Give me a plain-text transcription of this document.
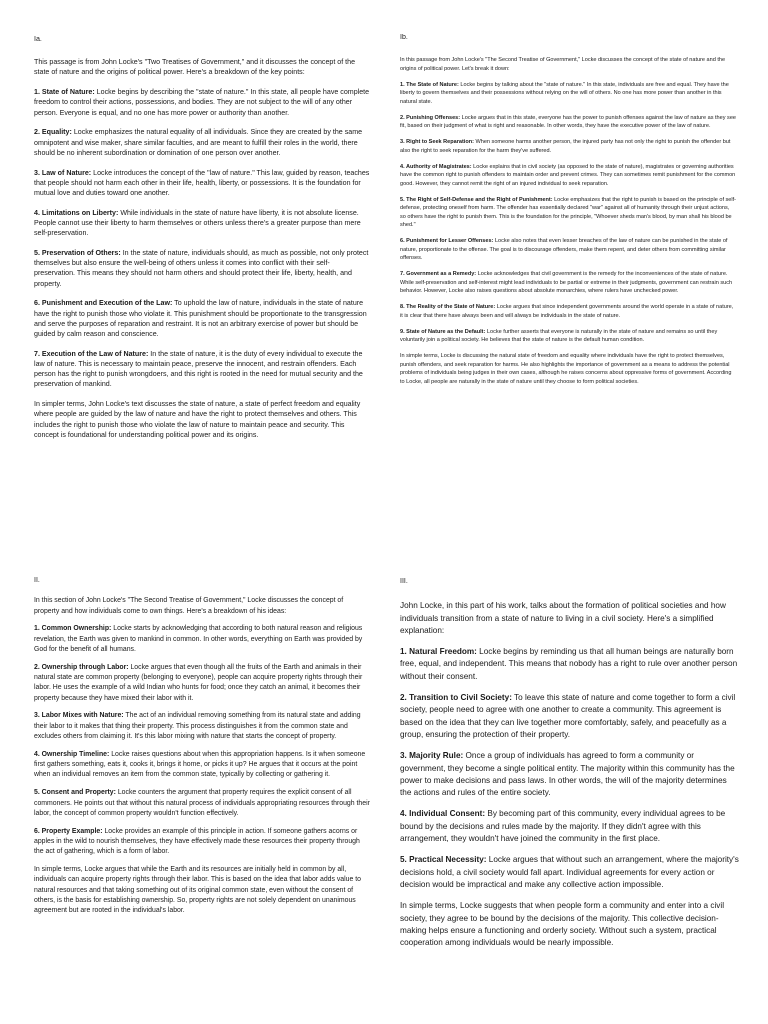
Ia.

This passage is from John Locke's "Two Treatises of Government," and it discusses the concept of the state of nature and the origins of political power. Here's a breakdown of the key points:

1. State of Nature: Locke begins by describing the "state of nature." In this state, all people have complete freedom to control their actions, possessions, and bodies. They are not subject to the will of any other person. Everyone is equal, and no one has more power or authority than another.

2. Equality: Locke emphasizes the natural equality of all individuals. Since they are created by the same omnipotent and wise maker, share similar faculties, and are meant to fulfill their roles in the world, there should be no inherent subordination or domination of one person over another.

3. Law of Nature: Locke introduces the concept of the "law of nature." This law, guided by reason, teaches that people should not harm each other in their life, health, liberty, or possessions. It is the foundation for mutual love and duties toward one another.

4. Limitations on Liberty: While individuals in the state of nature have liberty, it is not absolute license. People cannot use their liberty to harm themselves or others unless there's a greater purpose than mere self-preservation.

5. Preservation of Others: In the state of nature, individuals should, as much as possible, not only protect themselves but also ensure the well-being of others unless it comes into conflict with their self-preservation. This means they should not harm others and should protect their life, liberty, health, and property.

6. Punishment and Execution of the Law: To uphold the law of nature, individuals in the state of nature have the right to punish those who violate it. This punishment should be proportionate to the transgression and serve the purposes of reparation and restraint. It is not an arbitrary exercise of power but should be guided by calm reason and conscience.

7. Execution of the Law of Nature: In the state of nature, it is the duty of every individual to execute the law of nature. This is necessary to maintain peace, preserve the innocent, and restrain offenders. Each person has the right to punish wrongdoers, and this right is rooted in the need for mutual security and the preservation of mankind.

In simpler terms, John Locke's text discusses the state of nature, a state of perfect freedom and equality where people are guided by the law of nature and have the right to protect themselves and others. This includes the right to punish those who violate the law of nature to maintain peace and security. This concept is foundational for understanding political power and its origins.

Ib.

In this passage from John Locke's "The Second Treatise of Government," Locke discusses the concept of the state of nature and the origins of political power. Let's break it down:

1. The State of Nature: Locke begins by talking about the "state of nature." In this state, individuals are free and equal. They have the liberty to govern themselves and their possessions without relying on the will of others. No one has more power than another in this natural state.

2. Punishing Offenses: Locke argues that in this state, everyone has the power to punish offenses against the law of nature as they see fit, based on their judgment of what is right and reasonable. In other words, they have the executive power of the law of nature.

3. Right to Seek Reparation: When someone harms another person, the injured party has not only the right to punish the offender but also the right to seek reparation for the harm they've suffered.

4. Authority of Magistrates: Locke explains that in civil society (as opposed to the state of nature), magistrates or governing authorities have the common right to punish offenders to maintain order and prevent crimes. They can sometimes remit punishment for the common good. However, they cannot remit the right of an injured individual to seek reparation.

5. The Right of Self-Defense and the Right of Punishment: Locke emphasizes that the right to punish is based on the principle of self-defense, protecting oneself from harm. The offender has essentially declared "war" against all of humanity through their unjust actions, so others have the right to punish them. This is the foundation for the principle, "Whoever sheds man's blood, by man shall his blood be shed."

6. Punishment for Lesser Offenses: Locke also notes that even lesser breaches of the law of nature can be punished in the state of nature, proportionate to the offense. The goal is to discourage offenders, make them repent, and deter others from committing similar offenses.

7. Government as a Remedy: Locke acknowledges that civil government is the remedy for the inconveniences of the state of nature. While self-preservation and self-interest might lead individuals to be partial or extreme in their judgments, government can restrain such behavior. However, Locke also raises questions about absolute monarchies, where rulers have unchecked power.

8. The Reality of the State of Nature: Locke argues that since independent governments around the world operate in a state of nature, it is clear that there have always been and will always be individuals in the state of nature.

9. State of Nature as the Default: Locke further asserts that everyone is naturally in the state of nature and remains so until they voluntarily join a political society. He believes that the state of nature is the default human condition.

In simple terms, Locke is discussing the natural state of freedom and equality where individuals have the right to protect themselves, punish offenders, and seek reparation for harms. He also highlights the importance of government as a means to address the potential problems of individuals being judges in their own cases, although he raises concerns about oppressive forms of government. According to Locke, all people are naturally in the state of nature until they choose to form political societies.

II.

In this section of John Locke's "The Second Treatise of Government," Locke discusses the concept of property and how individuals come to own things. Here's a breakdown of his ideas:

1. Common Ownership: Locke starts by acknowledging that according to both natural reason and religious revelation, the Earth was given to mankind in common. In other words, everything on Earth was provided by God for the benefit of all humans.

2. Ownership through Labor: Locke argues that even though all the fruits of the Earth and animals in their natural state are common property (belonging to everyone), people can acquire property rights through their labor. He uses the example of a wild Indian who hunts for food; once they catch an animal, it becomes their property because they have mixed their labor with it.

3. Labor Mixes with Nature: The act of an individual removing something from its natural state and adding their labor to it makes that thing their property. This process distinguishes it from the common state and excludes others from claiming it. It's this labor mixing with nature that starts the concept of property.

4. Ownership Timeline: Locke raises questions about when this appropriation happens. Is it when someone first gathers something, eats it, cooks it, brings it home, or picks it up? He argues that it occurs at the point when an individual removes an item from the common state, typically by collecting or gathering it.

5. Consent and Property: Locke counters the argument that property requires the explicit consent of all commoners. He points out that without this natural process of individuals appropriating resources through their labor, the concept of common property wouldn't function effectively.

6. Property Example: Locke provides an example of this principle in action. If someone gathers acorns or apples in the wild to nourish themselves, they have effectively made these resources their property through the act of gathering, which is a form of labor.

In simple terms, Locke argues that while the Earth and its resources are initially held in common by all, individuals can acquire property rights through their labor. This is based on the idea that labor adds value to natural resources and that taking something out of its original common state, even without the consent of others, is the basis for establishing ownership. So, property rights are not solely dependent on unanimous agreement but are rooted in the individual's labor.

III.

John Locke, in this part of his work, talks about the formation of political societies and how individuals transition from a state of nature to living in a civil society. Here's a simplified explanation:

1. Natural Freedom: Locke begins by reminding us that all human beings are naturally born free, equal, and independent. This means that nobody has a right to rule over another person without their consent.

2. Transition to Civil Society: To leave this state of nature and come together to form a civil society, people need to agree with one another to create a community. This agreement is based on the idea that they can live together more comfortably, safely, and peacefully as a group, ensuring the protection of their property.

3. Majority Rule: Once a group of individuals has agreed to form a community or government, they become a single political entity. The majority within this community has the power to make decisions and pass laws. In other words, the will of the majority determines the actions and rules of the entire society.

4. Individual Consent: By becoming part of this community, every individual agrees to be bound by the decisions and rules made by the majority. If they didn't agree with this arrangement, they wouldn't have joined the community in the first place.

5. Practical Necessity: Locke argues that without such an arrangement, where the majority's decisions hold, a civil society would fall apart. Individual agreements for every action or decision would be impractical and make any collective action impossible.

In simple terms, Locke suggests that when people form a community and enter into a civil society, they agree to be bound by the decisions of the majority. This collective decision-making helps ensure a functioning and orderly society. Without such a system, practical cooperation among individuals would be nearly impossible.
